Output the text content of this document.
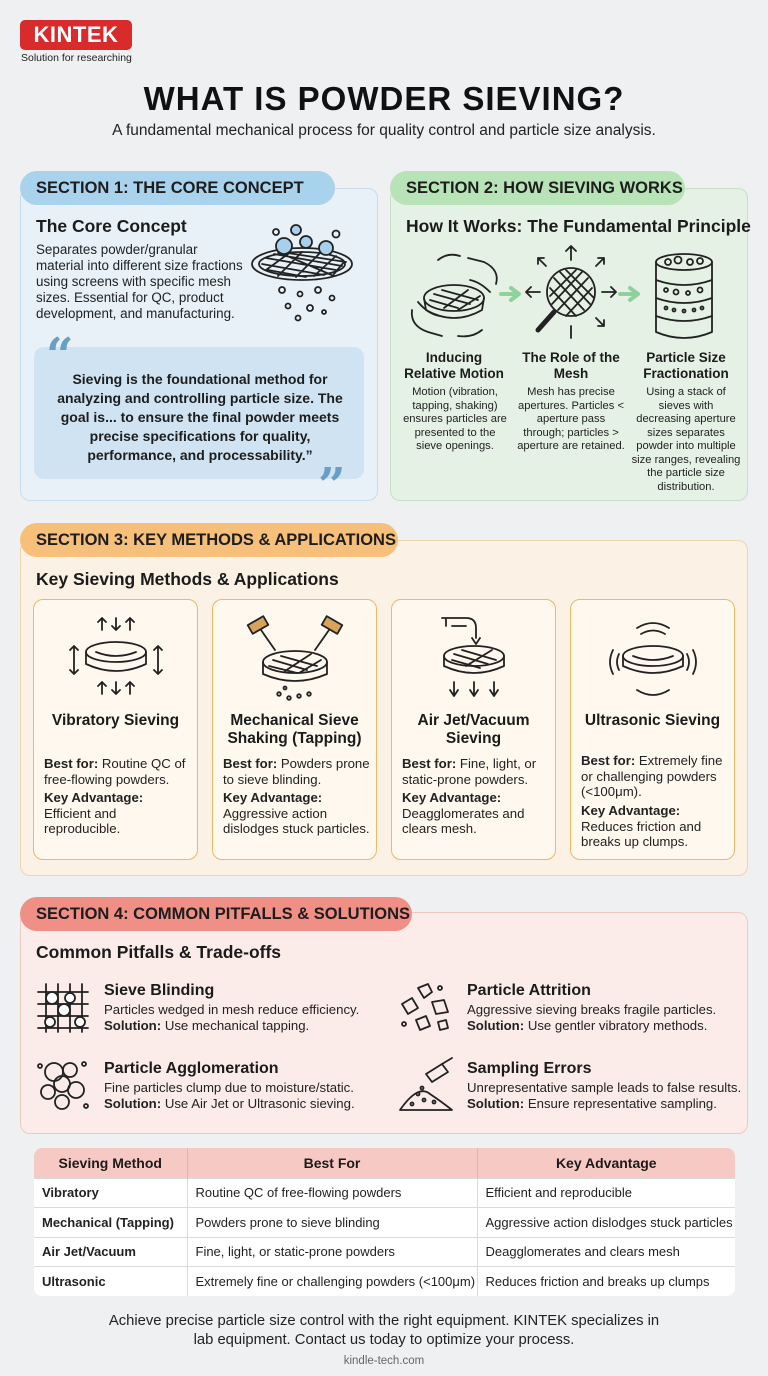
KINTEK
Solution for researching
WHAT IS POWDER SIEVING?
A fundamental mechanical process for quality control and particle size analysis.
SECTION 1: THE CORE CONCEPT
The Core Concept
Separates powder/granular material into different size fractions using screens with specific mesh sizes. Essential for QC, product development, and manufacturing.
“
Sieving is the foundational method for analyzing and controlling particle size. The goal is... to ensure the final powder meets precise specifications for quality, performance, and processability.”
”
SECTION 2: HOW SIEVING WORKS
How It Works: The Fundamental Principle
Inducing Relative Motion
Motion (vibration, tapping, shaking) ensures particles are presented to the sieve openings.
The Role of the Mesh
Mesh has precise apertures. Particles < aperture pass through; particles > aperture are retained.
Particle Size Fractionation
Using a stack of sieves with decreasing aperture sizes separates powder into multiple size ranges, revealing the particle size distribution.
SECTION 3: KEY METHODS & APPLICATIONS
Key Sieving Methods & Applications
Vibratory Sieving
Best for: Routine QC of free-flowing powders.
Key Advantage: Efficient and reproducible.
Mechanical Sieve Shaking (Tapping)
Best for: Powders prone to sieve blinding.
Key Advantage: Aggressive action dislodges stuck particles.
Air Jet/Vacuum Sieving
Best for: Fine, light, or static-prone powders.
Key Advantage: Deagglomerates and clears mesh.
Ultrasonic Sieving
Best for: Extremely fine or challenging powders (<100μm).
Key Advantage: Reduces friction and breaks up clumps.
SECTION 4: COMMON PITFALLS & SOLUTIONS
Common Pitfalls & Trade-offs
Sieve Blinding
Particles wedged in mesh reduce efficiency.
Solution: Use mechanical tapping.
Particle Attrition
Aggressive sieving breaks fragile particles.
Solution: Use gentler vibratory methods.
Particle Agglomeration
Fine particles clump due to moisture/static.
Solution: Use Air Jet or Ultrasonic sieving.
Sampling Errors
Unrepresentative sample leads to false results.
Solution: Ensure representative sampling.
Sieving Method	Best For	Key Advantage
Vibratory	Routine QC of free-flowing powders	Efficient and reproducible
Mechanical (Tapping)	Powders prone to sieve blinding	Aggressive action dislodges stuck particles
Air Jet/Vacuum	Fine, light, or static-prone powders	Deagglomerates and clears mesh
Ultrasonic	Extremely fine or challenging powders (<100μm)	Reduces friction and breaks up clumps
Achieve precise particle size control with the right equipment. KINTEK specializes in lab equipment. Contact us today to optimize your process.
kindle-tech.com
